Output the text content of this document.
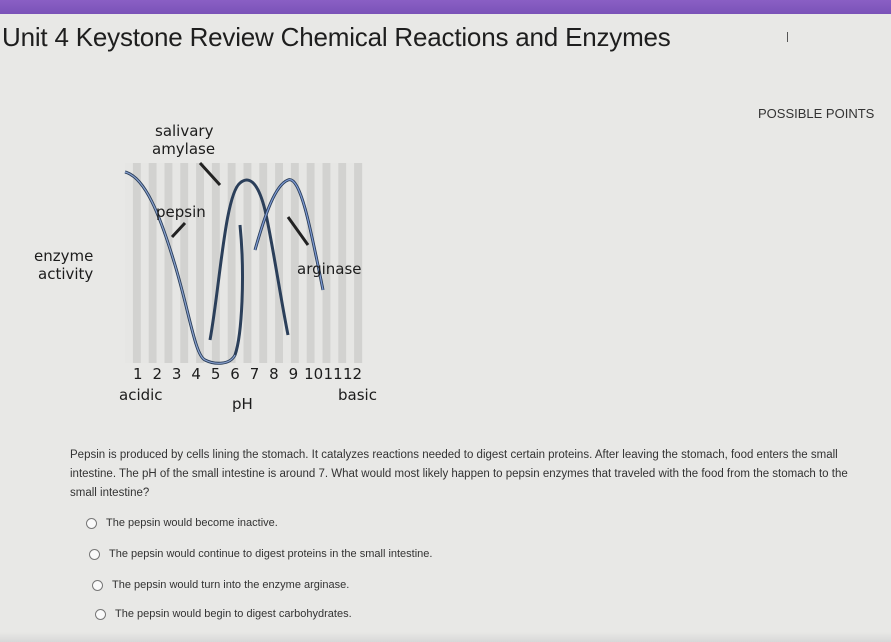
Unit 4 Keystone Review Chemical Reactions and Enzymes
POSSIBLE POINTS
salivary
amylase
pepsin
arginase
enzyme
activity
1 2 3 4 5 6 7 8 9 10 11 12
acidic	pH	basic
Pepsin is produced by cells lining the stomach. It catalyzes reactions needed to digest certain proteins. After leaving the stomach, food enters the small intestine. The pH of the small intestine is around 7. What would most likely happen to pepsin enzymes that traveled with the food from the stomach to the small intestine?
The pepsin would become inactive.
The pepsin would continue to digest proteins in the small intestine.
The pepsin would turn into the enzyme arginase.
The pepsin would begin to digest carbohydrates.
